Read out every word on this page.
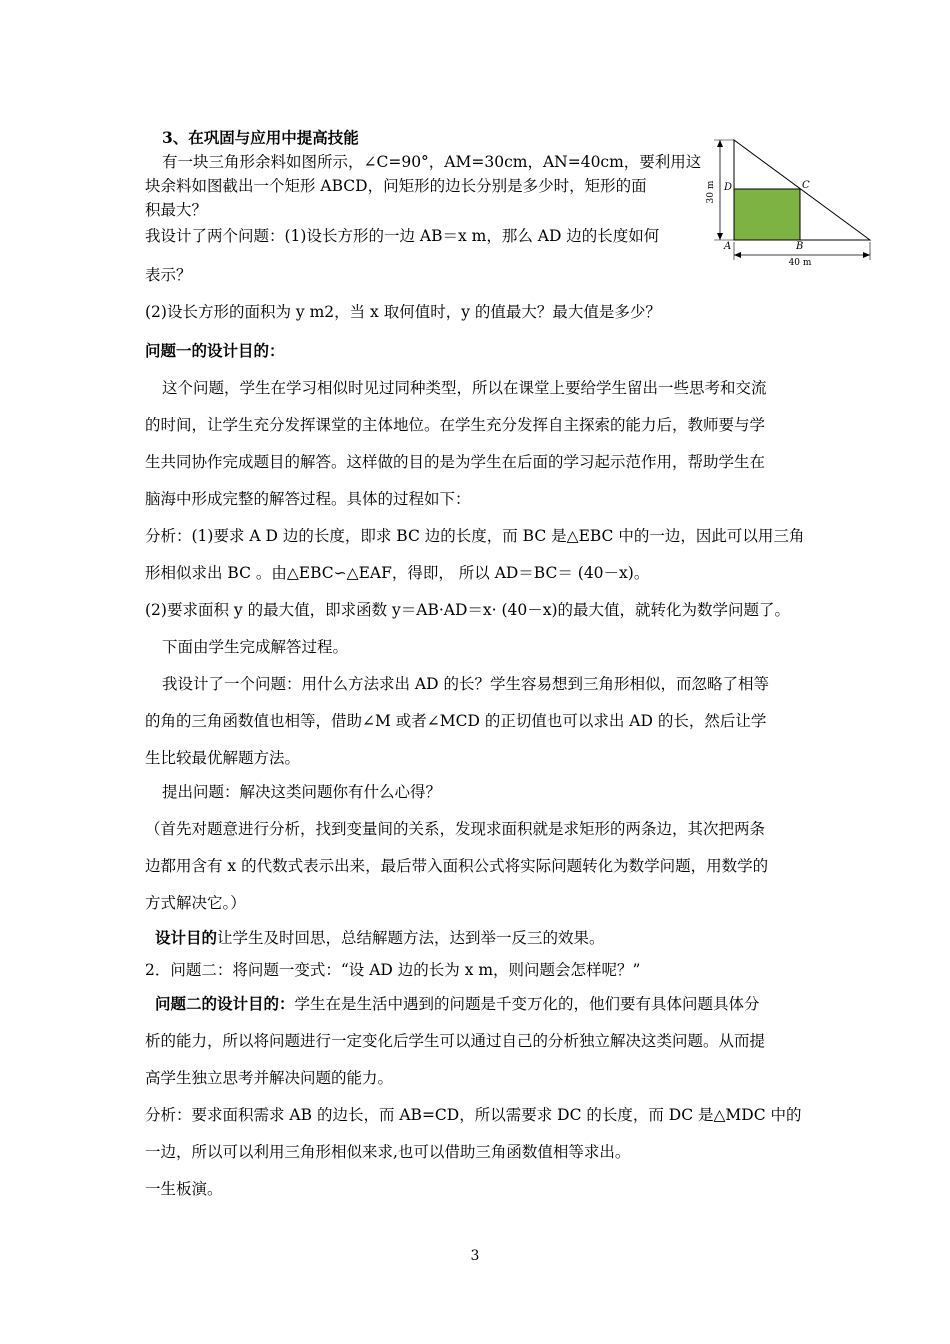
3、在巩固与应用中提高技能
有一块三角形余料如图所示，∠C=90°，AM=30cm，AN=40cm，要利用这
块余料如图截出一个矩形 ABCD，问矩形的边长分别是多少时，矩形的面
积最大？
我设计了两个问题：(1)设长方形的一边 AB＝x m，那么 AD 边的长度如何
表示？
(2)设长方形的面积为 y m2，当 x 取何值时，y 的值最大？最大值是多少？
30 m D	C
A	B
40 m
问题一的设计目的：
这个问题，学生在学习相似时见过同种类型，所以在课堂上要给学生留出一些思考和交流
的时间，让学生充分发挥课堂的主体地位。在学生充分发挥自主探索的能力后，教师要与学
生共同协作完成题目的解答。这样做的目的是为学生在后面的学习起示范作用，帮助学生在
脑海中形成完整的解答过程。具体的过程如下：
分析：(1)要求 A D 边的长度，即求 BC 边的长度，而 BC 是△EBC 中的一边，因此可以用三角
形相似求出 BC 。由△EBC∽△EAF，得即， 所以 AD＝BC＝ (40－x)。
(2)要求面积 y 的最大值，即求函数 y＝AB·AD＝x· (40－x)的最大值，就转化为数学问题了。
下面由学生完成解答过程。
我设计了一个问题：用什么方法求出 AD 的长？学生容易想到三角形相似，而忽略了相等
的角的三角函数值也相等，借助∠M 或者∠MCD 的正切值也可以求出 AD 的长，然后让学
生比较最优解题方法。
提出问题：解决这类问题你有什么心得？
（首先对题意进行分析，找到变量间的关系，发现求面积就是求矩形的两条边，其次把两条
边都用含有 x 的代数式表示出来，最后带入面积公式将实际问题转化为数学问题，用数学的
方式解决它。）
设计目的让学生及时回思，总结解题方法，达到举一反三的效果。
2．问题二：将问题一变式：“设 AD 边的长为 x m，则问题会怎样呢？”
问题二的设计目的：学生在是生活中遇到的问题是千变万化的，他们要有具体问题具体分
析的能力，所以将问题进行一定变化后学生可以通过自己的分析独立解决这类问题。从而提
高学生独立思考并解决问题的能力。
分析：要求面积需求 AB 的边长，而 AB=CD，所以需要求 DC 的长度，而 DC 是△MDC 中的
一边，所以可以利用三角形相似来求,也可以借助三角函数值相等求出。
一生板演。
3
